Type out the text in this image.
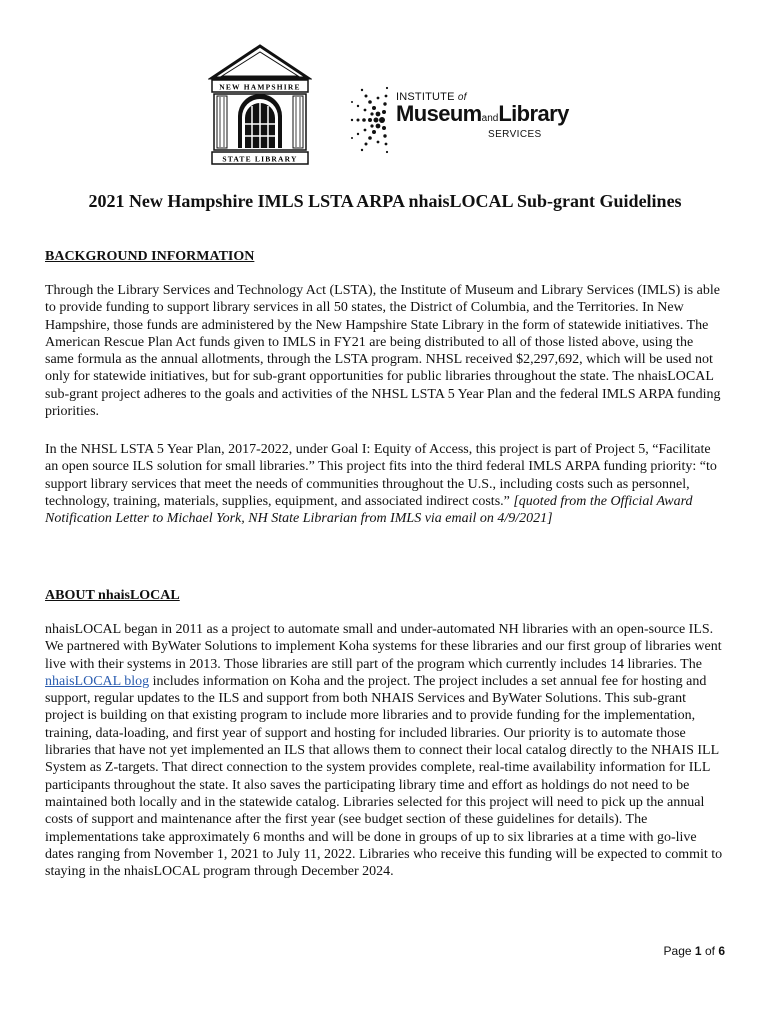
NEW HAMPSHIRE
STATE LIBRARY
INSTITUTE of
MuseumandLibrary
SERVICES
2021 New Hampshire IMLS LSTA ARPA nhaisLOCAL Sub-grant Guidelines

BACKGROUND INFORMATION

Through the Library Services and Technology Act (LSTA), the Institute of Museum and Library Services (IMLS) is able to provide funding to support library services in all 50 states, the District of Columbia, and the Territories. In New Hampshire, those funds are administered by the New Hampshire State Library in the form of statewide initiatives. The American Rescue Plan Act funds given to IMLS in FY21 are being distributed to all of those listed above, using the same formula as the annual allotments, through the LSTA program. NHSL received $2,297,692, which will be used not only for statewide initiatives, but for sub-grant opportunities for public libraries throughout the state. The nhaisLOCAL sub-grant project adheres to the goals and activities of the NHSL LSTA 5 Year Plan and the federal IMLS ARPA funding priorities.

In the NHSL LSTA 5 Year Plan, 2017-2022, under Goal I: Equity of Access, this project is part of Project 5, “Facilitate an open source ILS solution for small libraries.” This project fits into the third federal IMLS ARPA funding priority: “to support library services that meet the needs of communities throughout the U.S., including costs such as personnel, technology, training, materials, supplies, equipment, and associated indirect costs.” [quoted from the Official Award Notification Letter to Michael York, NH State Librarian from IMLS via email on 4/9/2021]

ABOUT nhaisLOCAL

nhaisLOCAL began in 2011 as a project to automate small and under-automated NH libraries with an open-source ILS. We partnered with ByWater Solutions to implement Koha systems for these libraries and our first group of libraries went live with their systems in 2013. Those libraries are still part of the program which currently includes 14 libraries. The nhaisLOCAL blog includes information on Koha and the project. The project includes a set annual fee for hosting and support, regular updates to the ILS and support from both NHAIS Services and ByWater Solutions. This sub-grant project is building on that existing program to include more libraries and to provide funding for the implementation, training, data-loading, and first year of support and hosting for included libraries. Our priority is to automate those libraries that have not yet implemented an ILS that allows them to connect their local catalog directly to the NHAIS ILL System as Z-targets. That direct connection to the system provides complete, real-time availability information for ILL participants throughout the state. It also saves the participating library time and effort as holdings do not need to be maintained both locally and in the statewide catalog. Libraries selected for this project will need to pick up the annual costs of support and maintenance after the first year (see budget section of these guidelines for details). The implementations take approximately 6 months and will be done in groups of up to six libraries at a time with go-live dates ranging from November 1, 2021 to July 11, 2022. Libraries who receive this funding will be expected to commit to staying in the nhaisLOCAL program through December 2024.

Page 1 of 6
